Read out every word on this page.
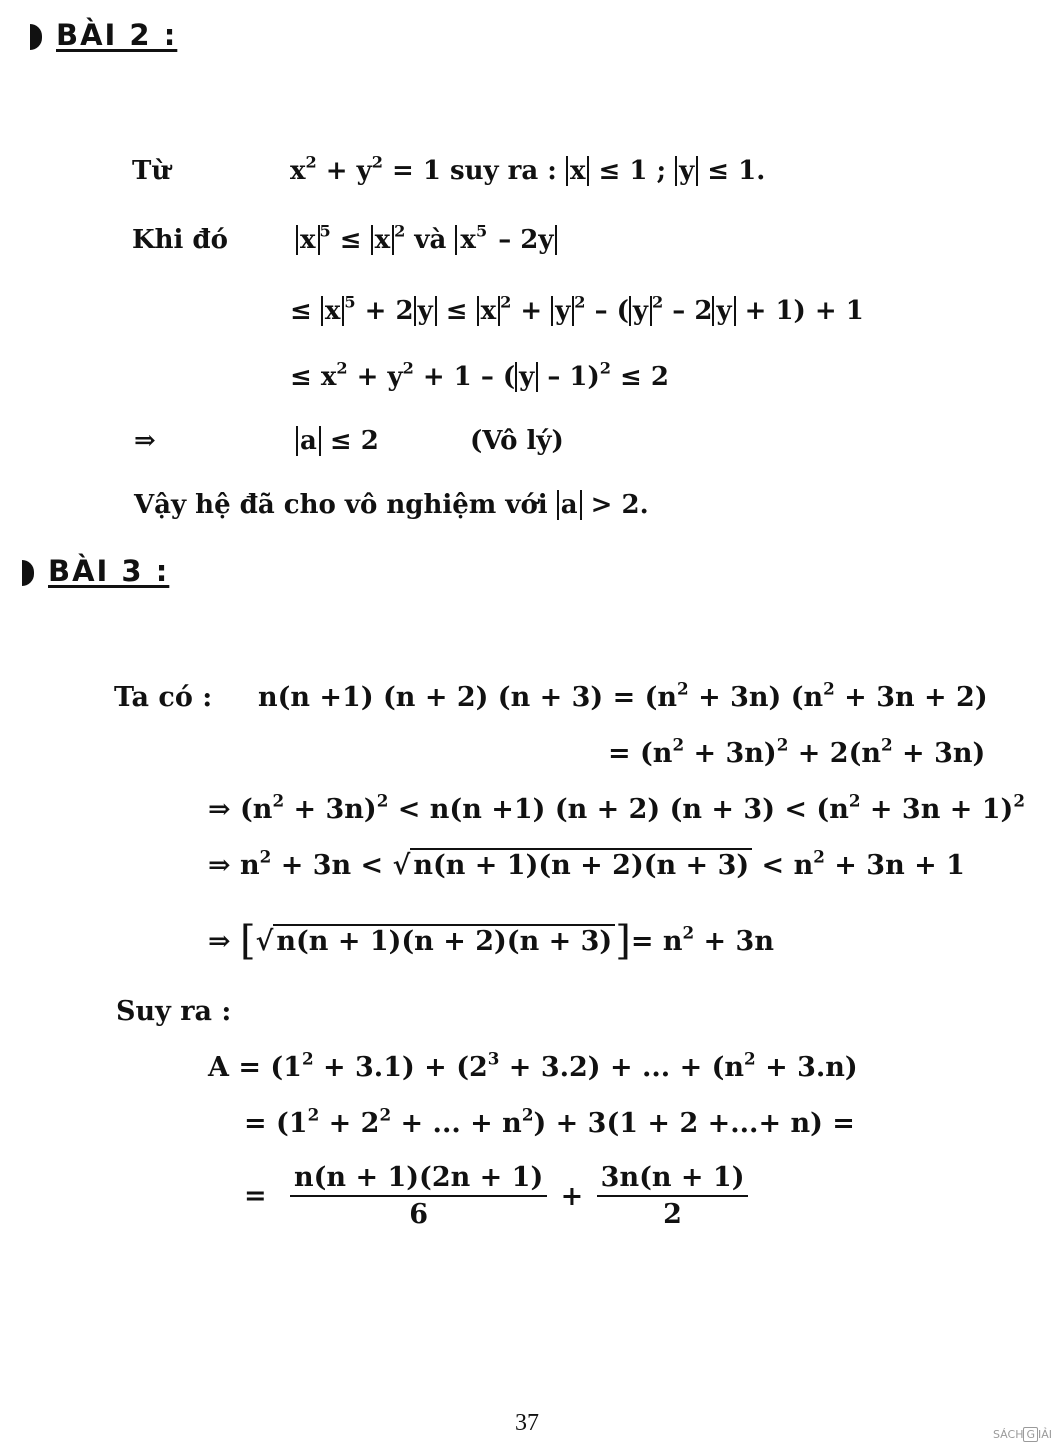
BÀI 2 :
Từ	$x^2 + y^2 = 1$ suy ra : x ≤ 1 ; y ≤ 1.
Khi đó	x $^5$ ≤ x $^2$ và $x^5 - 2y$
≤ x $^5$ + 2 y ≤ x $^2$ + y $^2$ – ( y $^2$ – 2 y + 1) + 1
≤ $x^2 + y^2 + 1$ – ( y – 1)$^2$ ≤ 2
⇒	a ≤ 2	(Vô lý)
Vậy hệ đã cho vô nghiệm với a > 2.
BÀI 3 :
Ta có : n(n +1) (n + 2) $(n + 3) = (n^2 + 3n) (n^2 + 3n + 2)$
= $(n^2 + 3n)^2 + 2(n^2 + 3n)$
⇒ $(n^2 + 3n)^2 < n(n +1) (n + 2) (n + 3) < (n^2 + 3n + 1)^2$
⇒ $n^2 + 3n$ < √ $n(n + 1)(n + 2)(n + 3) < n^2 + 3n + 1$
⇒ [√ $n(n + 1)(n + 2)(n + 3)]= n^2 + 3n$
Suy ra :
$A = (1^2 + 3.1) + (2^3 + 3.2)$ + ... + $(n^2 + 3.n)$
= ($1^2 + 2^2$ + ... + $n^2) + 3(1 + 2$ +...+ n) =
= $\frac{n(n + 1)(2n + 1)}{6} + \frac{3n(n + 1)}{2}$
37	SÁCH G IẢI
